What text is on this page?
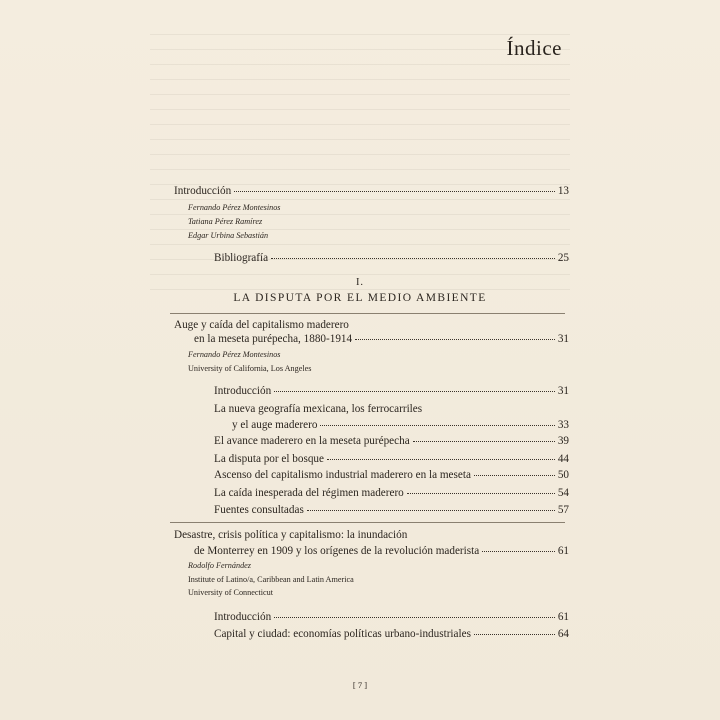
Índice
Introducción	13
Fernando Pérez Montesinos
Tatiana Pérez Ramírez
Edgar Urbina Sebastián
Bibliografía	25
I.
LA DISPUTA POR EL MEDIO AMBIENTE
Auge y caída del capitalismo maderero
en la meseta purépecha, 1880-1914	31
Fernando Pérez Montesinos
University of California, Los Angeles
Introducción	31
La nueva geografía mexicana, los ferrocarriles
y el auge maderero	33
El avance maderero en la meseta purépecha	39
La disputa por el bosque	44
Ascenso del capitalismo industrial maderero en la meseta	50
La caída inesperada del régimen maderero	54
Fuentes consultadas	57
Desastre, crisis política y capitalismo: la inundación
de Monterrey en 1909 y los orígenes de la revolución maderista	61
Rodolfo Fernández
Institute of Latino/a, Caribbean and Latin America
University of Connecticut
Introducción	61
Capital y ciudad: economías políticas urbano-industriales	64
[ 7 ]
